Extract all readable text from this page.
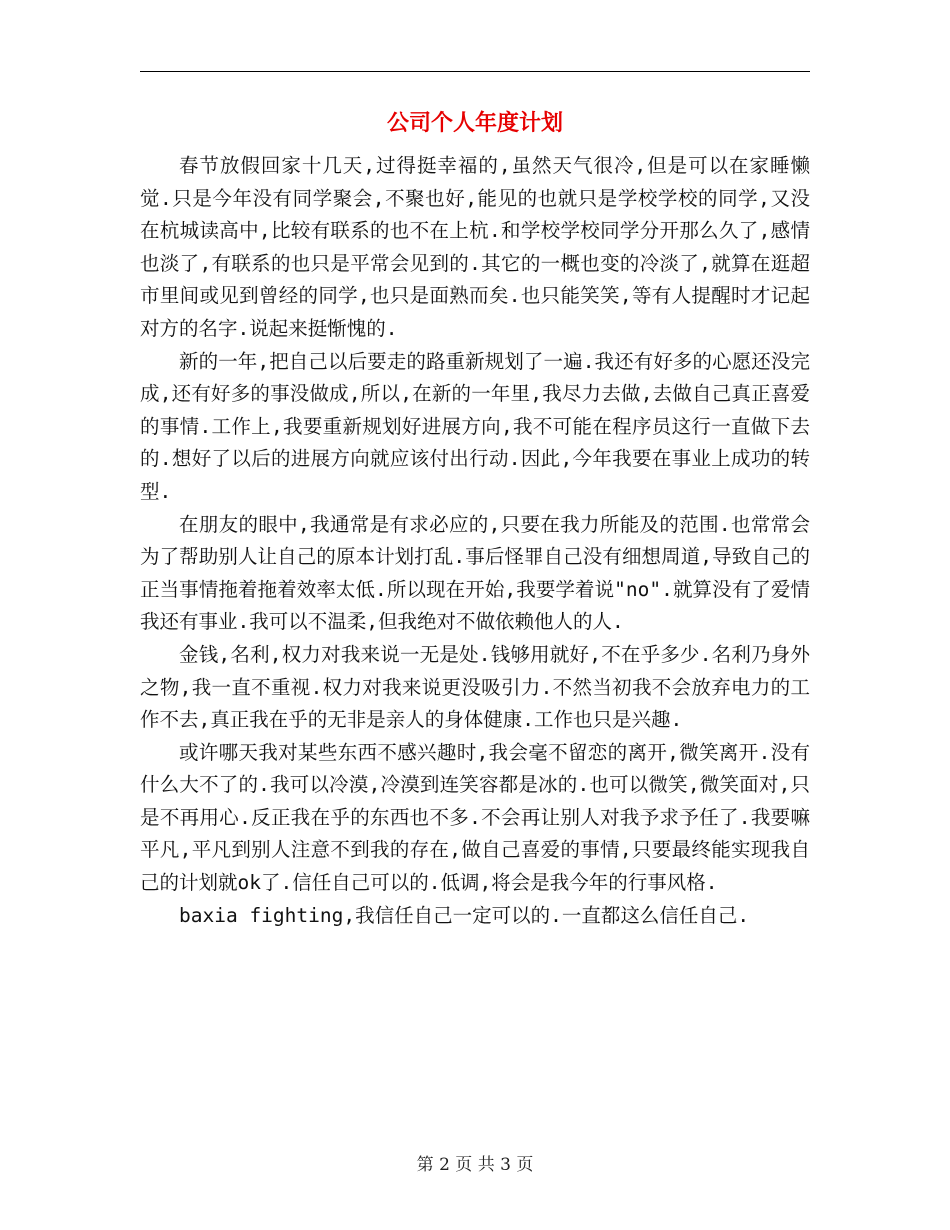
公司个人年度计划

春节放假回家十几天,过得挺幸福的,虽然天气很冷,但是可以在家睡懒觉.只是今年没有同学聚会,不聚也好,能见的也就只是学校学校的同学,又没在杭城读高中,比较有联系的也不在上杭.和学校学校同学分开那么久了,感情也淡了,有联系的也只是平常会见到的.其它的一概也变的冷淡了,就算在逛超市里间或见到曾经的同学,也只是面熟而矣.也只能笑笑,等有人提醒时才记起对方的名字.说起来挺惭愧的.

新的一年,把自己以后要走的路重新规划了一遍.我还有好多的心愿还没完成,还有好多的事没做成,所以,在新的一年里,我尽力去做,去做自己真正喜爱的事情.工作上,我要重新规划好进展方向,我不可能在程序员这行一直做下去的.想好了以后的进展方向就应该付出行动.因此,今年我要在事业上成功的转型.

在朋友的眼中,我通常是有求必应的,只要在我力所能及的范围.也常常会为了帮助别人让自己的原本计划打乱.事后怪罪自己没有细想周道,导致自己的正当事情拖着拖着效率太低.所以现在开始,我要学着说"no".就算没有了爱情我还有事业.我可以不温柔,但我绝对不做依赖他人的人.

金钱,名利,权力对我来说一无是处.钱够用就好,不在乎多少.名利乃身外之物,我一直不重视.权力对我来说更没吸引力.不然当初我不会放弃电力的工作不去,真正我在乎的无非是亲人的身体健康.工作也只是兴趣.

或许哪天我对某些东西不感兴趣时,我会毫不留恋的离开,微笑离开.没有什么大不了的.我可以冷漠,冷漠到连笑容都是冰的.也可以微笑,微笑面对,只是不再用心.反正我在乎的东西也不多.不会再让别人对我予求予任了.我要嘛平凡,平凡到别人注意不到我的存在,做自己喜爱的事情,只要最终能实现我自己的计划就ok了.信任自己可以的.低调,将会是我今年的行事风格.

baxia fighting,我信任自己一定可以的.一直都这么信任自己.

第 2 页 共 3 页
